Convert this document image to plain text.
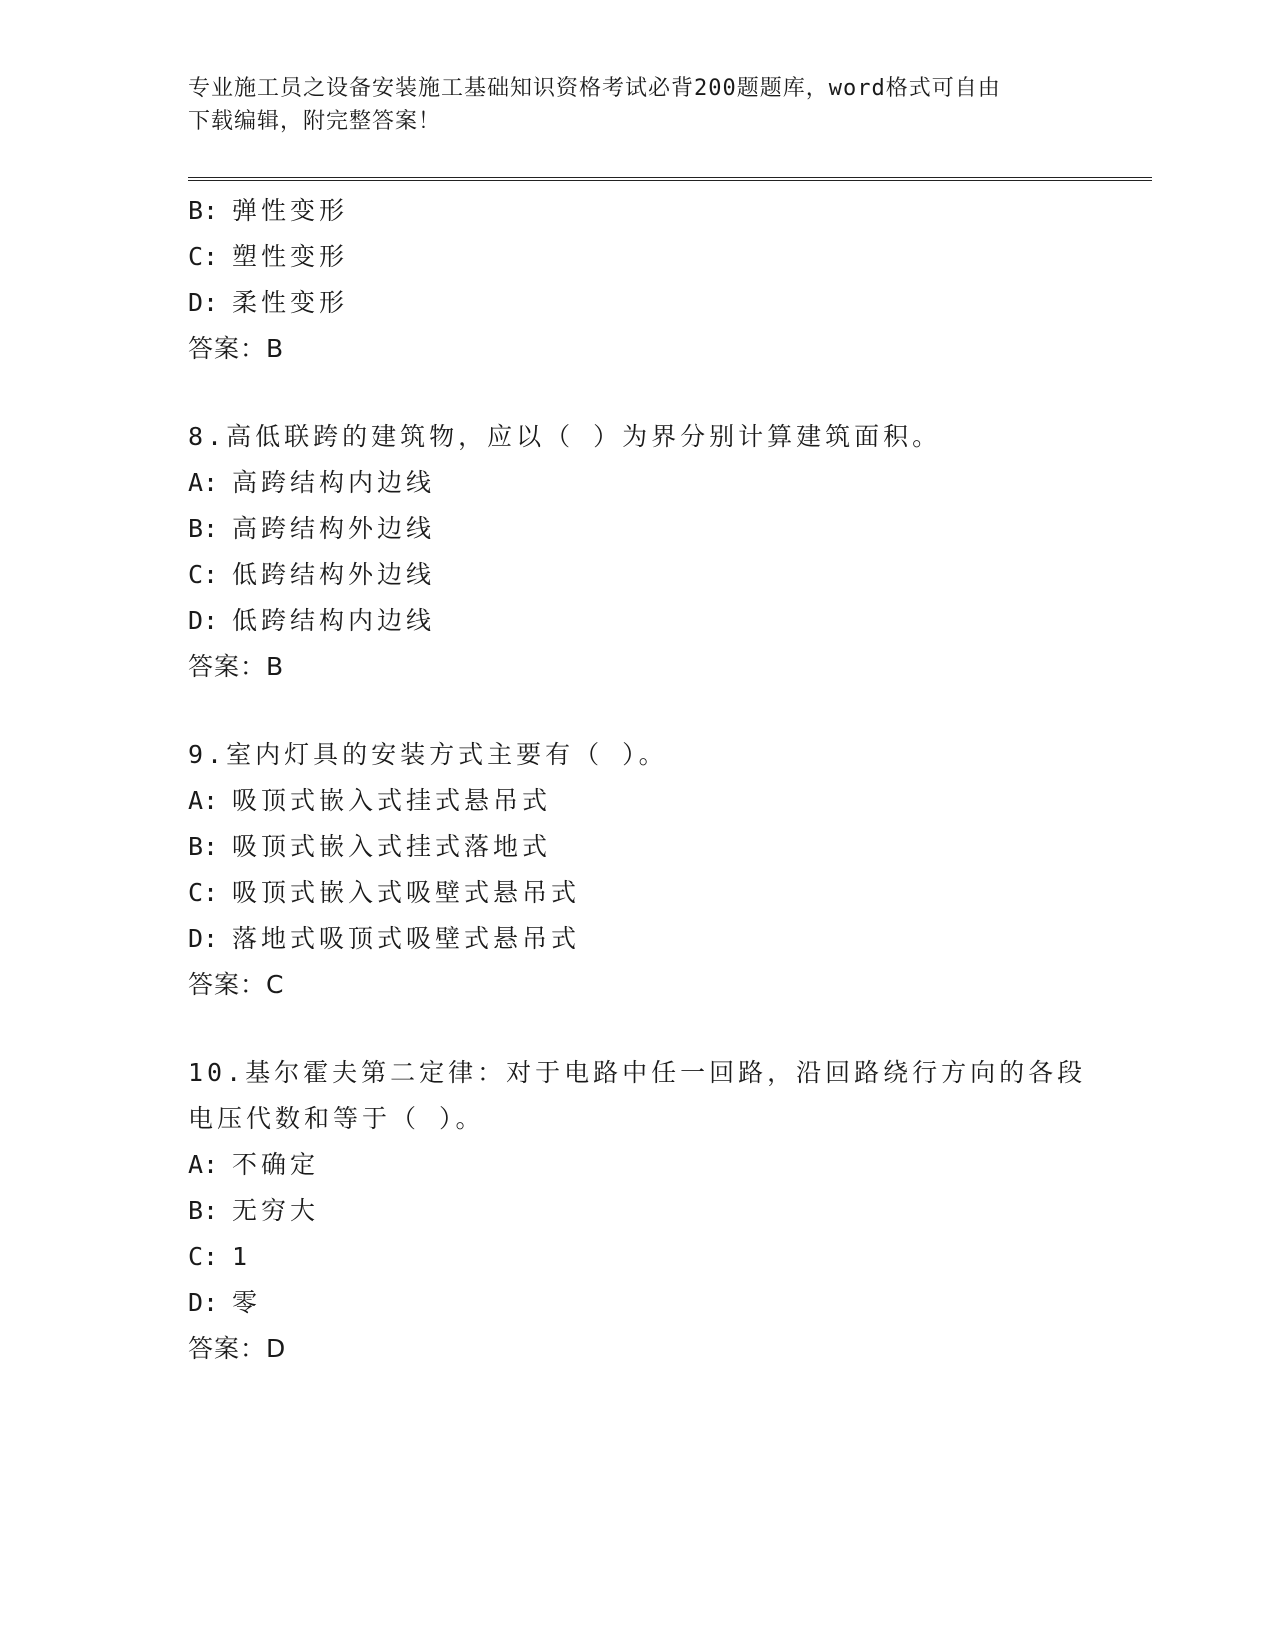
专业施工员之设备安装施工基础知识资格考试必背200题题库，word格式可自由
下载编辑，附完整答案！
B: 弹性变形
C: 塑性变形
D: 柔性变形
答案：B
8.高低联跨的建筑物，应以（ ）为界分别计算建筑面积。
A: 高跨结构内边线
B: 高跨结构外边线
C: 低跨结构外边线
D: 低跨结构内边线
答案：B
9.室内灯具的安装方式主要有（ ）。
A: 吸顶式嵌入式挂式悬吊式
B: 吸顶式嵌入式挂式落地式
C: 吸顶式嵌入式吸壁式悬吊式
D: 落地式吸顶式吸壁式悬吊式
答案：C
10.基尔霍夫第二定律：对于电路中任一回路，沿回路绕行方向的各段
电压代数和等于（ ）。
A: 不确定
B: 无穷大
C: 1
D: 零
答案：D
